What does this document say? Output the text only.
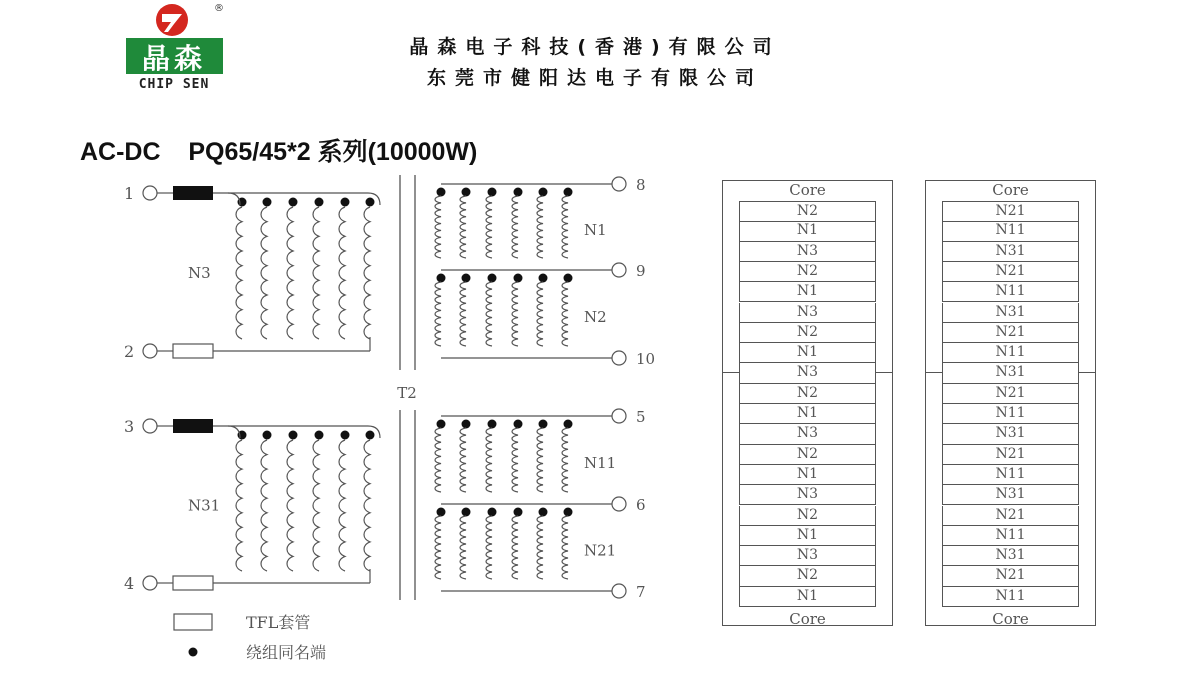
®
晶森
CHIP SEN
晶森电子科技(香港)有限公司
东莞市健阳达电子有限公司
AC-DC    PQ65/45*2 系列(10000W)
1
2
N3
3
4
N31
8
N1
9
N2
10
5
N11
6
N21
7
T2
TFL套管
绕组同名端
Core
N2
N1
N3
N2
N1
N3
N2
N1
N3
N2
N1
N3
N2
N1
N3
N2
N1
N3
N2
N1
Core
Core
N21
N11
N31
N21
N11
N31
N21
N11
N31
N21
N11
N31
N21
N11
N31
N21
N11
N31
N21
N11
Core
